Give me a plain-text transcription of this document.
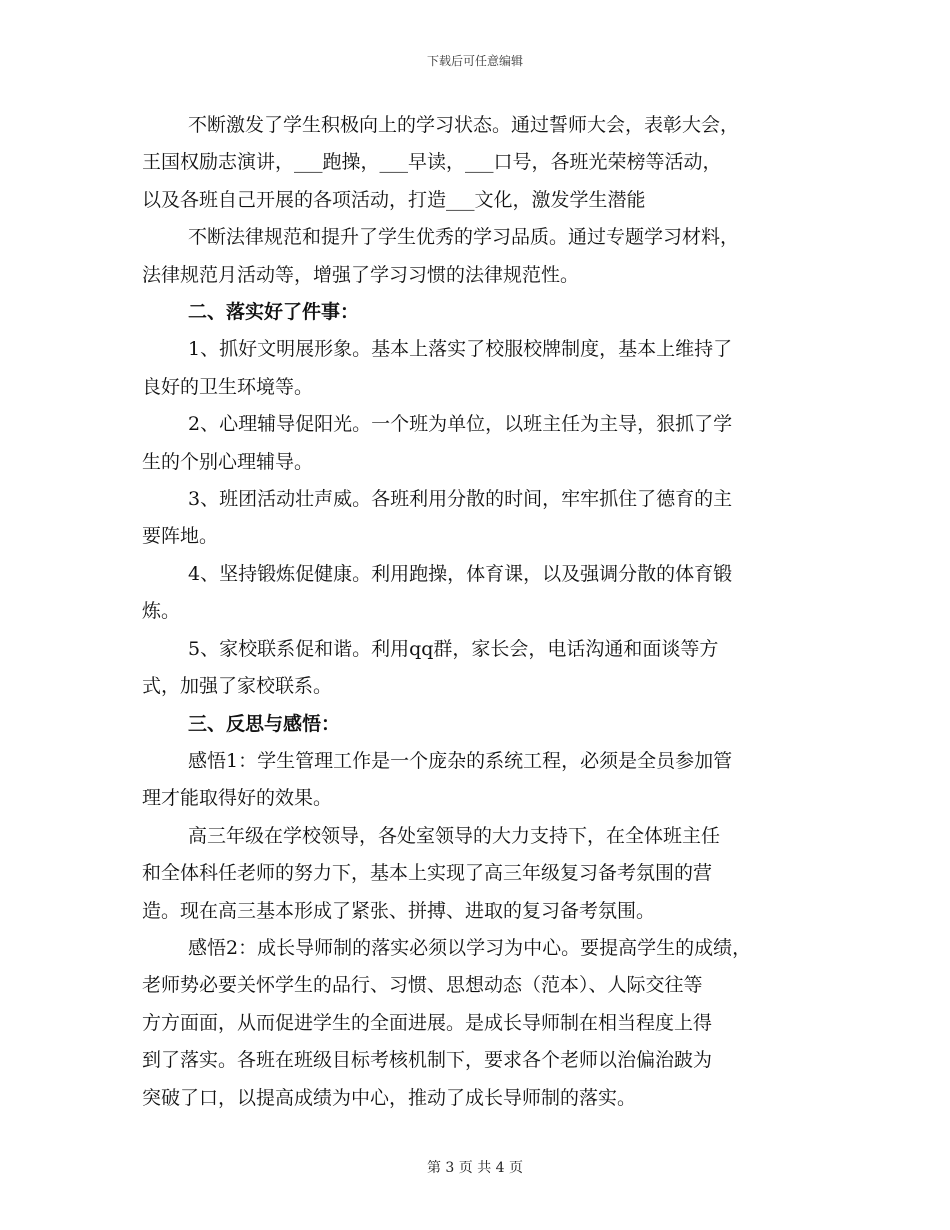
下载后可任意编辑
不断激发了学生积极向上的学习状态。通过誓师大会，表彰大会，
王国权励志演讲，___跑操，___早读，___口号，各班光荣榜等活动，
以及各班自己开展的各项活动，打造___文化，激发学生潜能
不断法律规范和提升了学生优秀的学习品质。通过专题学习材料，
法律规范月活动等，增强了学习习惯的法律规范性。
二、落实好了件事：
1、抓好文明展形象。基本上落实了校服校牌制度，基本上维持了
良好的卫生环境等。
2、心理辅导促阳光。一个班为单位，以班主任为主导，狠抓了学
生的个别心理辅导。
3、班团活动壮声威。各班利用分散的时间，牢牢抓住了德育的主
要阵地。
4、坚持锻炼促健康。利用跑操，体育课，以及强调分散的体育锻
炼。
5、家校联系促和谐。利用qq群，家长会，电话沟通和面谈等方
式，加强了家校联系。
三、反思与感悟：
感悟1：学生管理工作是一个庞杂的系统工程，必须是全员参加管
理才能取得好的效果。
高三年级在学校领导，各处室领导的大力支持下，在全体班主任
和全体科任老师的努力下，基本上实现了高三年级复习备考氛围的营
造。现在高三基本形成了紧张、拼搏、进取的复习备考氛围。
感悟2：成长导师制的落实必须以学习为中心。要提高学生的成绩，
老师势必要关怀学生的品行、习惯、思想动态（范本）、人际交往等
方方面面，从而促进学生的全面进展。是成长导师制在相当程度上得
到了落实。各班在班级目标考核机制下，要求各个老师以治偏治跛为
突破了口，以提高成绩为中心，推动了成长导师制的落实。
第 3 页 共 4 页
